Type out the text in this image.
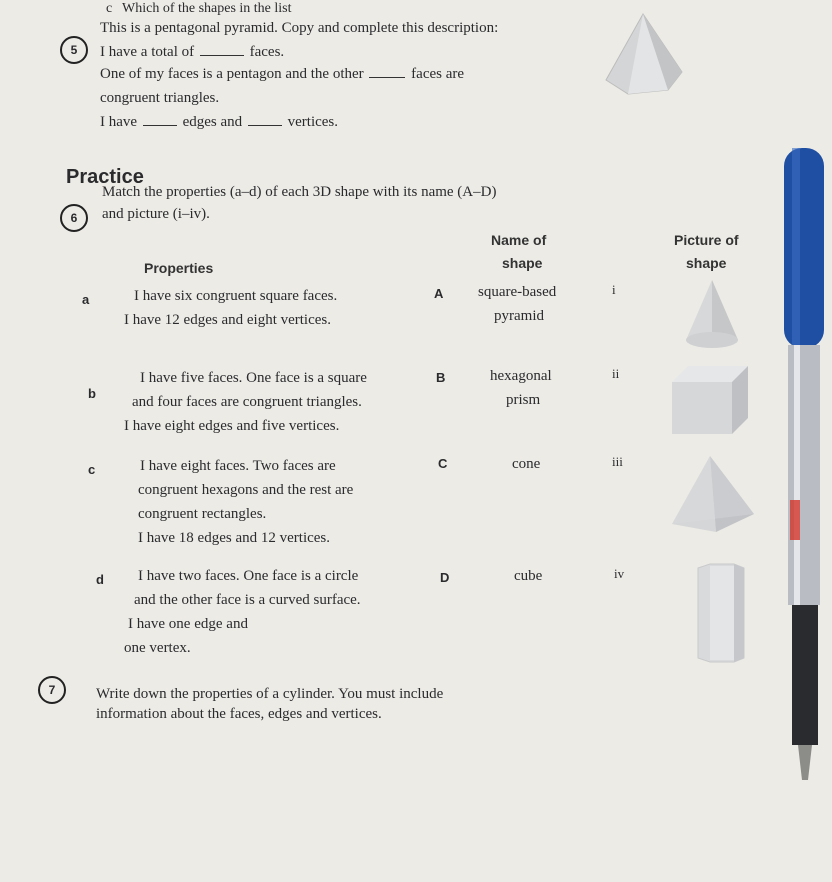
c Which of the shapes in the list
5
This is a pentagonal pyramid. Copy and complete this description:
I have a total of	faces.
One of my faces is a pentagon and the other	faces are
congruent triangles.
I have	edges and	vertices.
Practice
6
Match the properties (a–d) of each 3D shape with its name (A–D)
and picture (i–iv).
Name of
shape
Picture of
shape
Properties
a	I have six congruent square faces.
I have 12 edges and eight vertices.
A square-based
pyramid
i
b
I have five faces. One face is a square
and four faces are congruent triangles.
I have eight edges and five vertices.
B	hexagonal
prism
ii
c	I have eight faces. Two faces are
congruent hexagons and the rest are
congruent rectangles.
I have 18 edges and 12 vertices.
C	cone	iii
d I have two faces. One face is a circle
and the other face is a curved surface.
I have one edge and
one vertex.
D	cube	iv
7	Write down the properties of a cylinder. You must include
information about the faces, edges and vertices.
